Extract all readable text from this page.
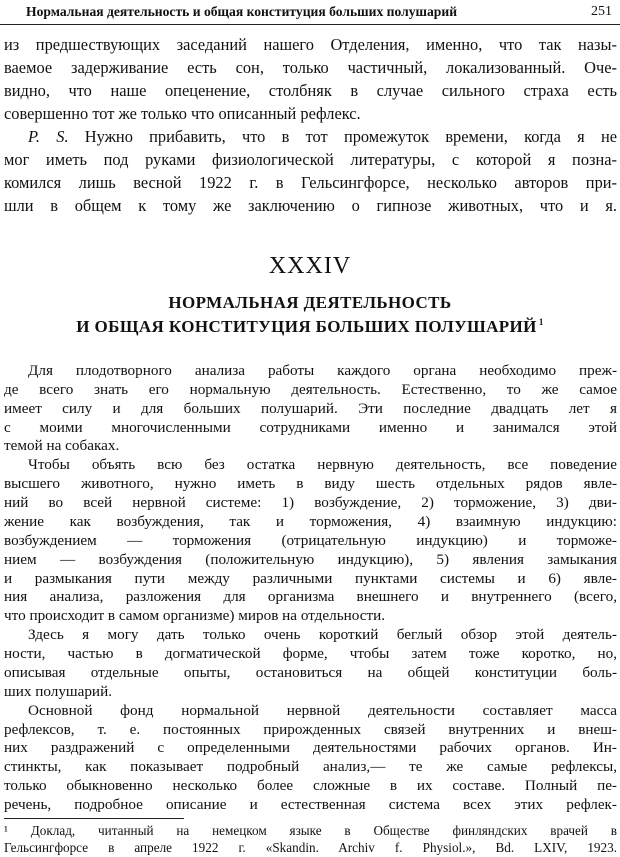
Нормальная деятельность и общая конституция больших полушарий	251
из предшествующих заседаний нашего Отделения, именно, что так назы-
ваемое задерживание есть сон, только частичный, локализованный. Оче-
видно, что наше опеценение, столбняк в случае сильного страха есть
совершенно тот же только что описанный рефлекс.
P. S. Нужно прибавить, что в тот промежуток времени, когда я не
мог иметь под руками физиологической литературы, с которой я позна-
комился лишь весной 1922 г. в Гельсингфорсе, несколько авторов при-
шли в общем к тому же заключению о гипнозе животных, что и я.
XXXIV
НОРМАЛЬНАЯ ДЕЯТЕЛЬНОСТЬ
И ОБЩАЯ КОНСТИТУЦИЯ БОЛЬШИХ ПОЛУШАРИЙ $^1$
Для плодотворного анализа работы каждого органа необходимо преж-
де всего знать его нормальную деятельность. Естественно, то же самое
имеет силу и для больших полушарий. Эти последние двадцать лет я
с моими многочисленными сотрудниками именно и занимался этой
темой на собаках.
Чтобы объять всю без остатка нервную деятельность, все поведение
высшего животного, нужно иметь в виду шесть отдельных рядов явле-
ний во всей нервной системе: 1) возбуждение, 2) торможение, 3) дви-
жение как возбуждения, так и торможения, 4) взаимную индукцию:
возбуждением — торможения (отрицательную индукцию) и торможе-
нием — возбуждения (положительную индукцию), 5) явления замыкания
и размыкания пути между различными пунктами системы и 6) явле-
ния анализа, разложения для организма внешнего и внутреннего (всего,
что происходит в самом организме) миров на отдельности.
Здесь я могу дать только очень короткий беглый обзор этой деятель-
ности, частью в догматической форме, чтобы затем тоже коротко, но,
описывая отдельные опыты, остановиться на общей конституции боль-
ших полушарий.
Основной фонд нормальной нервной деятельности составляет масса
¹ Доклад, читанный на немецком языке в Обществе финляндских врачей в
Гельсингфорсе в апреле 1922 г. «Skandin. Archiv f. Physiol.», Bd. LXIV, 1923.
рефлексов, т. е. постоянных прирожденных связей внутренних и внеш-
них раздражений с определенными деятельностями рабочих органов. Ин-
стинкты, как показывает подробный анализ,— те же самые рефлексы,
только обыкновенно несколько более сложные в их составе. Полный пе-
речень, подробное описание и естественная система всех этих рефлек-
